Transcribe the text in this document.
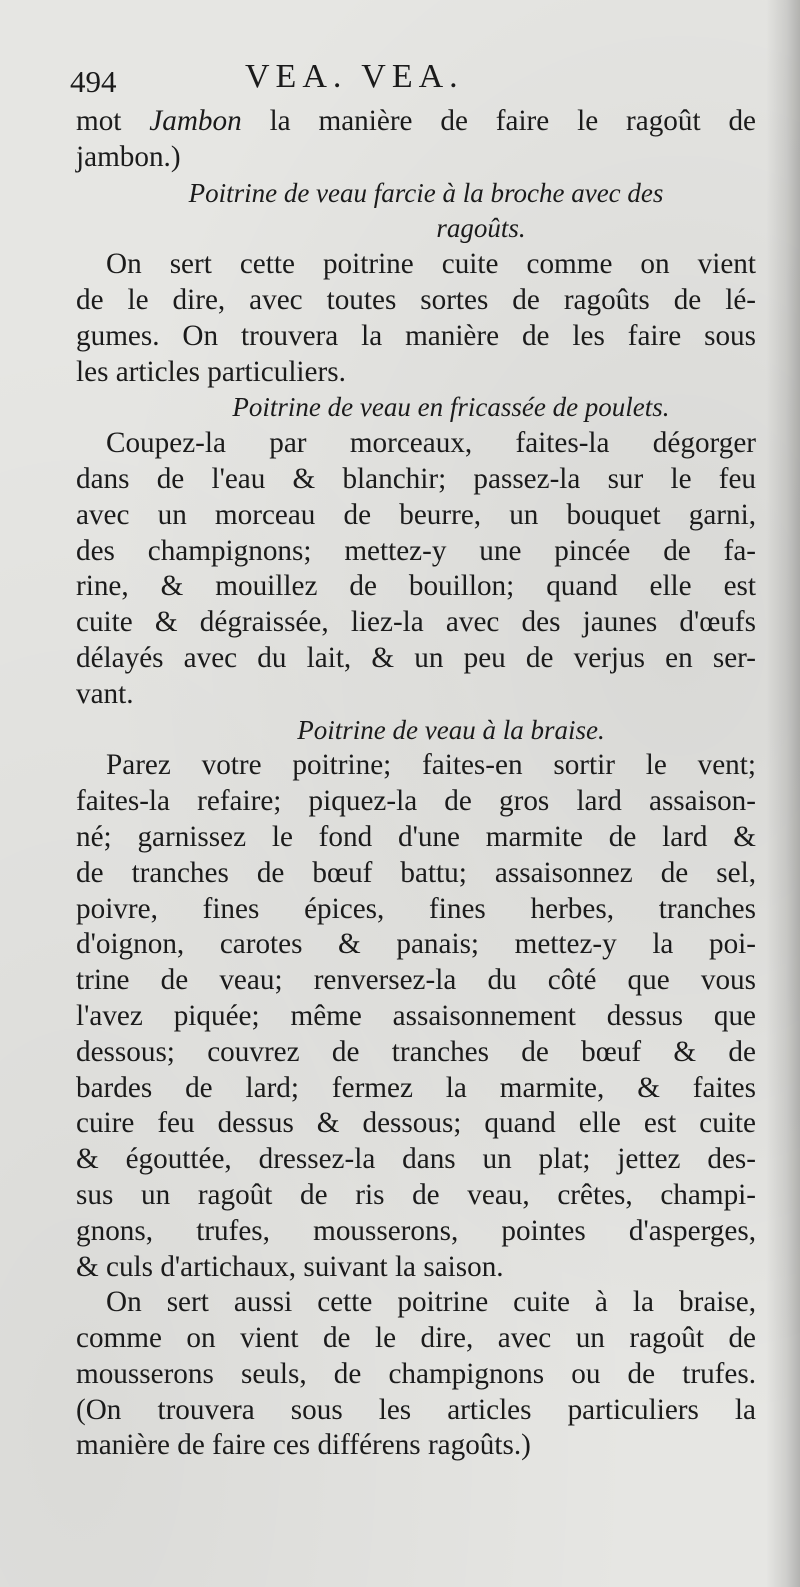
494	VEA. VEA.
mot Jambon la manière de faire le ragoût de
jambon.)
Poitrine de veau farcie à la broche avec des
ragoûts.
On sert cette poitrine cuite comme on vient
de le dire, avec toutes sortes de ragoûts de lé-
gumes. On trouvera la manière de les faire sous
les articles particuliers.
Poitrine de veau en fricassée de poulets.
Coupez-la par morceaux, faites-la dégorger
dans de l'eau & blanchir; passez-la sur le feu
avec un morceau de beurre, un bouquet garni,
des champignons; mettez-y une pincée de fa-
rine, & mouillez de bouillon; quand elle est
cuite & dégraissée, liez-la avec des jaunes d'œufs
délayés avec du lait, & un peu de verjus en ser-
vant.
Poitrine de veau à la braise.
Parez votre poitrine; faites-en sortir le vent;
faites-la refaire; piquez-la de gros lard assaison-
né; garnissez le fond d'une marmite de lard &
de tranches de bœuf battu; assaisonnez de sel,
poivre, fines épices, fines herbes, tranches
d'oignon, carotes & panais; mettez-y la poi-
trine de veau; renversez-la du côté que vous
l'avez piquée; même assaisonnement dessus que
dessous; couvrez de tranches de bœuf & de
bardes de lard; fermez la marmite, & faites
cuire feu dessus & dessous; quand elle est cuite
& égouttée, dressez-la dans un plat; jettez des-
sus un ragoût de ris de veau, crêtes, champi-
gnons, trufes, mousserons, pointes d'asperges,
& culs d'artichaux, suivant la saison.
On sert aussi cette poitrine cuite à la braise,
comme on vient de le dire, avec un ragoût de
mousserons seuls, de champignons ou de trufes.
(On trouvera sous les articles particuliers la
manière de faire ces différens ragoûts.)
